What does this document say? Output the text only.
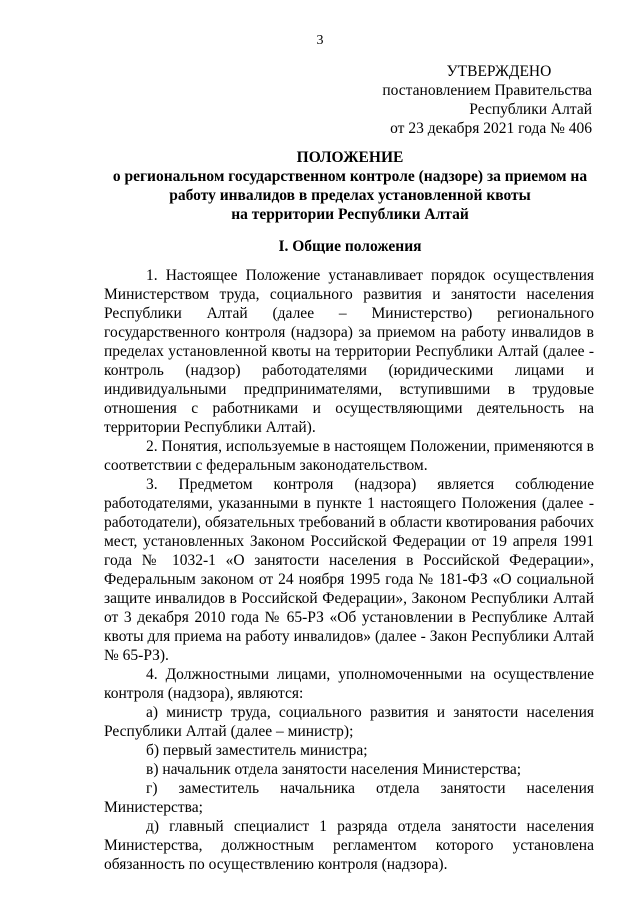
3
УТВЕРЖДЕНО
постановлением Правительства
Республики Алтай
от 23 декабря 2021 года № 406
ПОЛОЖЕНИЕ
о региональном государственном контроле (надзоре) за приемом на
работу инвалидов в пределах установленной квоты
на территории Республики Алтай
I. Общие положения

1. Настоящее Положение устанавливает порядок осуществления Министерством труда, социального развития и занятости населения Республики Алтай (далее – Министерство) регионального государственного контроля (надзора) за приемом на работу инвалидов в пределах установленной квоты на территории Республики Алтай (далее - контроль (надзор) работодателями (юридическими лицами и индивидуальными предпринимателями, вступившими в трудовые отношения с работниками и осуществляющими деятельность на территории Республики Алтай).

2. Понятия, используемые в настоящем Положении, применяются в соответствии с федеральным законодательством.

3. Предметом контроля (надзора) является соблюдение работодателями, указанными в пункте 1 настоящего Положения (далее - работодатели), обязательных требований в области квотирования рабочих мест, установленных Законом Российской Федерации от 19 апреля 1991 года № 1032-1 «О занятости населения в Российской Федерации», Федеральным законом от 24 ноября 1995 года № 181-ФЗ «О социальной защите инвалидов в Российской Федерации», Законом Республики Алтай от 3 декабря 2010 года № 65-РЗ «Об установлении в Республике Алтай квоты для приема на работу инвалидов» (далее - Закон Республики Алтай № 65-РЗ).

4. Должностными лицами, уполномоченными на осуществление контроля (надзора), являются:

а) министр труда, социального развития и занятости населения Республики Алтай (далее – министр);

б) первый заместитель министра;

в) начальник отдела занятости населения Министерства;

г) заместитель начальника отдела занятости населения Министерства;

д) главный специалист 1 разряда отдела занятости населения Министерства, должностным регламентом которого установлена обязанность по осуществлению контроля (надзора).
